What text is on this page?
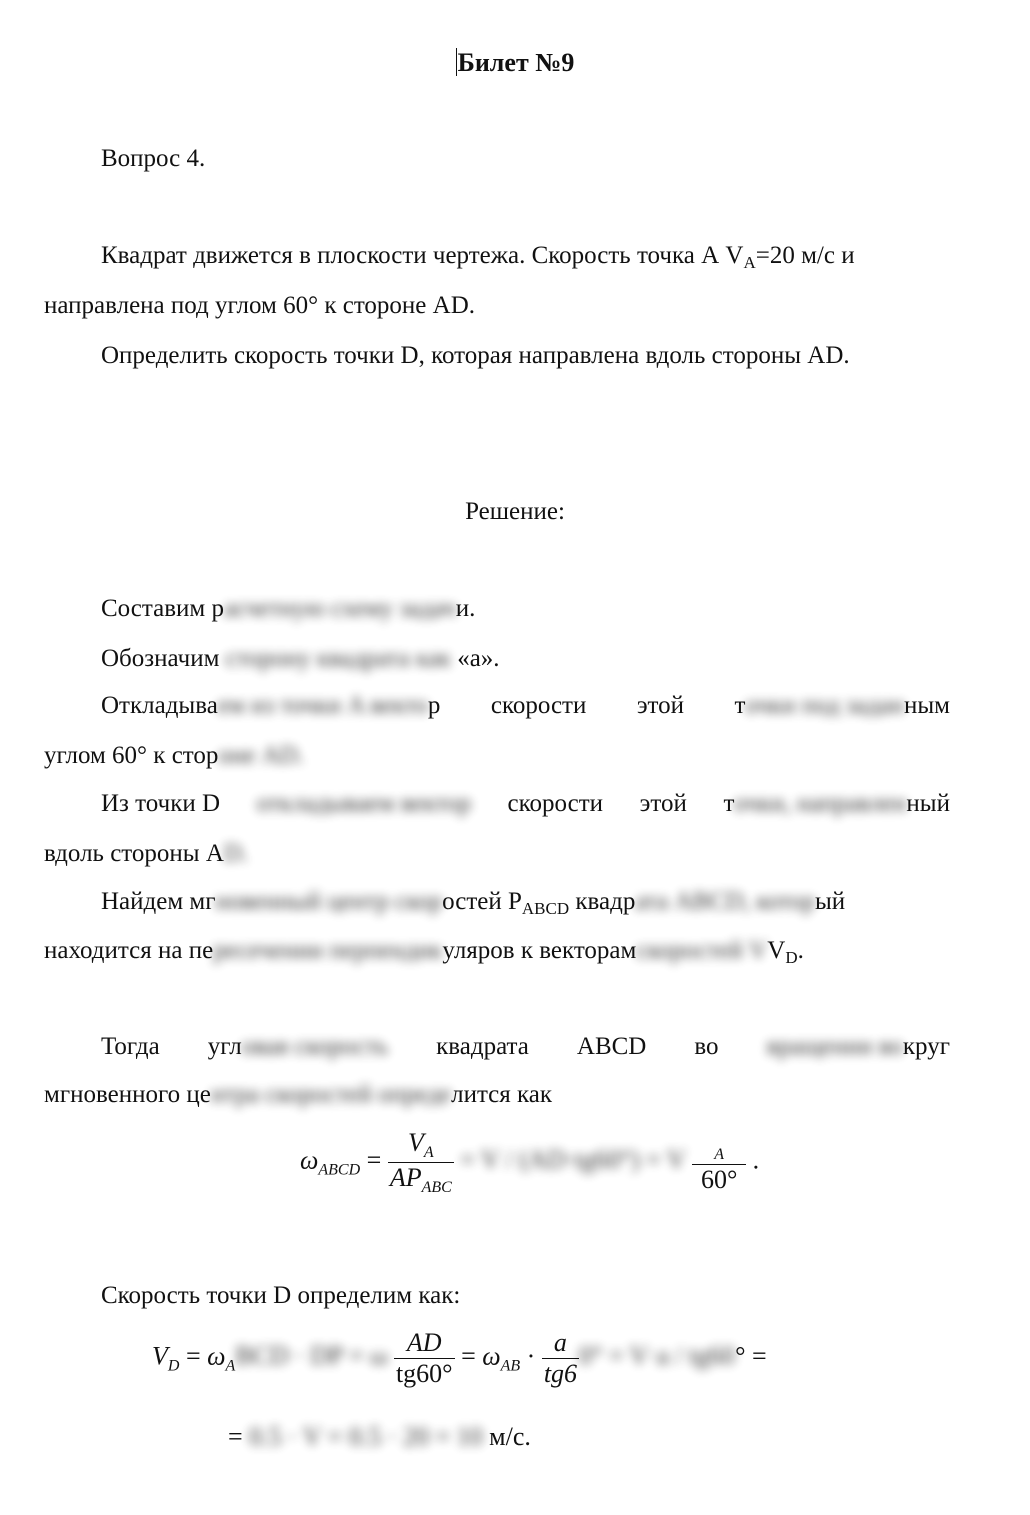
Билет №9
Вопрос 4.
Квадрат движется в плоскости чертежа. Скорость точка А $V_A=20$ м/с и
направлена под углом 60° к стороне AD.
Определить скорость точки D, которая направлена вдоль стороны AD.
Решение:
Составим расчетную схему задачи.
Обозначим сторону квадрата как «а».
Откладываем из точки A вектор скорости этой точки под заданным
углом 60° к стороне AD.
Из точки D откладываем вектор скорости этой точки, направленный
вдоль стороны АD.
Найдем мгновенный центр скоростей $P_{ABCD}$ квадрата ABCD, который
находится на пересечении перпендикуляров к векторамскоростей $VV_D$.
Тогда угловая скорость квадрата ABCD во вращении вокруг
мгновенного центра скоростей определится как
$\omega_{ABCD} = \frac{V_A}{AP_{ABC}} = V / (AD\cdot tg60^\circ) = V \frac{_A}{60^\circ}$ .
Скорость точки D определим как:
$V_D = \omega_ABCD$ · DP = ω $\frac{AD}{tg60^\circ} = \omega_{AB} \cdot \frac{a}{tg6} 0^\circ = V\cdot a / tg60^\circ$ =
= 0.5 · V = 0.5 · 20 = 10 м/с.
